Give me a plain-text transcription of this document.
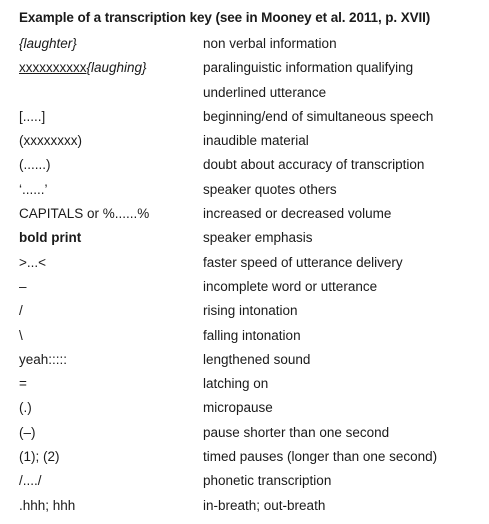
Example of a transcription key (see in Mooney et al. 2011, p. XVII)
{laughter}	non verbal information
xxxxxxxxxx{laughing}	paralinguistic information qualifying
underlined utterance
[.....]	beginning/end of simultaneous speech
(xxxxxxxx)	inaudible material
(......)	doubt about accuracy of transcription
‘......’	speaker quotes others
CAPITALS or %......%	increased or decreased volume
bold print	speaker emphasis
>...<	faster speed of utterance delivery
–	incomplete word or utterance
/	rising intonation
\	falling intonation
yeah:::::	lengthened sound
=	latching on
(.)	micropause
(–)	pause shorter than one second
(1); (2)	timed pauses (longer than one second)
/..../	phonetic transcription
.hhh; hhh	in-breath; out-breath
